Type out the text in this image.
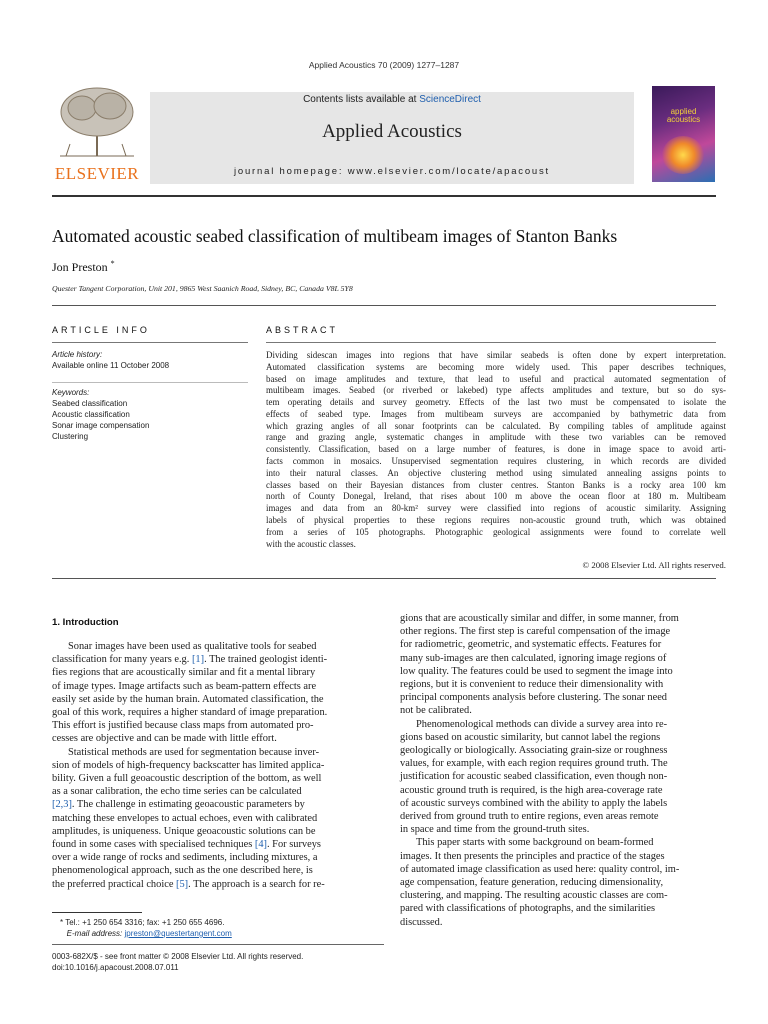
Applied Acoustics 70 (2009) 1277–1287
ELSEVIER
Contents lists available at ScienceDirect
Applied Acoustics
journal homepage: www.elsevier.com/locate/apacoust
applied
acoustics
Automated acoustic seabed classification of multibeam images of Stanton Banks
Jon Preston *
Quester Tangent Corporation, Unit 201, 9865 West Saanich Road, Sidney, BC, Canada V8L 5Y8
ARTICLE INFO
Article history:
Available online 11 October 2008
Keywords:
Seabed classification
Acoustic classification
Sonar image compensation
Clustering
ABSTRACT
Dividing sidescan images into regions that have similar seabeds is often done by expert interpretation.
Automated classification systems are becoming more widely used. This paper describes techniques,
based on image amplitudes and texture, that lead to useful and practical automated segmentation of
multibeam images. Seabed (or riverbed or lakebed) type affects amplitudes and texture, but so do sys-
tem operating details and survey geometry. Effects of the last two must be compensated to isolate the
effects of seabed type. Images from multibeam surveys are accompanied by bathymetric data from
which grazing angles of all sonar footprints can be calculated. By compiling tables of amplitude against
range and grazing angle, systematic changes in amplitude with these two variables can be removed
consistently. Classification, based on a large number of features, is done in image space to avoid arti-
facts common in mosaics. Unsupervised segmentation requires clustering, in which records are divided
into their natural classes. An objective clustering method using simulated annealing assigns points to
classes based on their Bayesian distances from cluster centres. Stanton Banks is a rocky area 100 km
north of County Donegal, Ireland, that rises about 100 m above the ocean floor at 180 m. Multibeam
images and data from an 80-km² survey were classified into regions of acoustic similarity. Assigning
labels of physical properties to these regions requires non-acoustic ground truth, which was obtained
from a series of 105 photographs. Photographic geological assignments were found to correlate well
with the acoustic classes.
© 2008 Elsevier Ltd. All rights reserved.
1. Introduction
Sonar images have been used as qualitative tools for seabed
classification for many years e.g. [1]. The trained geologist identi-
fies regions that are acoustically similar and fit a mental library
of image types. Image artifacts such as beam-pattern effects are
easily set aside by the human brain. Automated classification, the
goal of this work, requires a higher standard of image preparation.
This effort is justified because class maps from automated pro-
cesses are objective and can be made with little effort.
Statistical methods are used for segmentation because inver-
sion of models of high-frequency backscatter has limited applica-
bility. Given a full geoacoustic description of the bottom, as well
as a sonar calibration, the echo time series can be calculated
[2,3]. The challenge in estimating geoacoustic parameters by
matching these envelopes to actual echoes, even with calibrated
amplitudes, is uniqueness. Unique geoacoustic solutions can be
found in some cases with specialised techniques [4]. For surveys
over a wide range of rocks and sediments, including mixtures, a
phenomenological approach, such as the one described here, is
the preferred practical choice [5]. The approach is a search for re-
gions that are acoustically similar and differ, in some manner, from
other regions. The first step is careful compensation of the image
for radiometric, geometric, and systematic effects. Features for
many sub-images are then calculated, ignoring image regions of
low quality. The features could be used to segment the image into
regions, but it is convenient to reduce their dimensionality with
principal components analysis before clustering. The sonar need
not be calibrated.
Phenomenological methods can divide a survey area into re-
gions based on acoustic similarity, but cannot label the regions
geologically or biologically. Associating grain-size or roughness
values, for example, with each region requires ground truth. The
justification for acoustic seabed classification, even though non-
acoustic ground truth is required, is the high area-coverage rate
of acoustic surveys combined with the ability to apply the labels
derived from ground truth to entire regions, even areas remote
in space and time from the ground-truth sites.
This paper starts with some background on beam-formed
images. It then presents the principles and practice of the stages
of automated image classification as used here: quality control, im-
age compensation, feature generation, reducing dimensionality,
clustering, and mapping. The resulting acoustic classes are com-
pared with classifications of photographs, and the similarities
discussed.
* Tel.: +1 250 654 3316; fax: +1 250 655 4696.
E-mail address: jpreston@questertangent.com
0003-682X/$ - see front matter © 2008 Elsevier Ltd. All rights reserved.
doi:10.1016/j.apacoust.2008.07.011
